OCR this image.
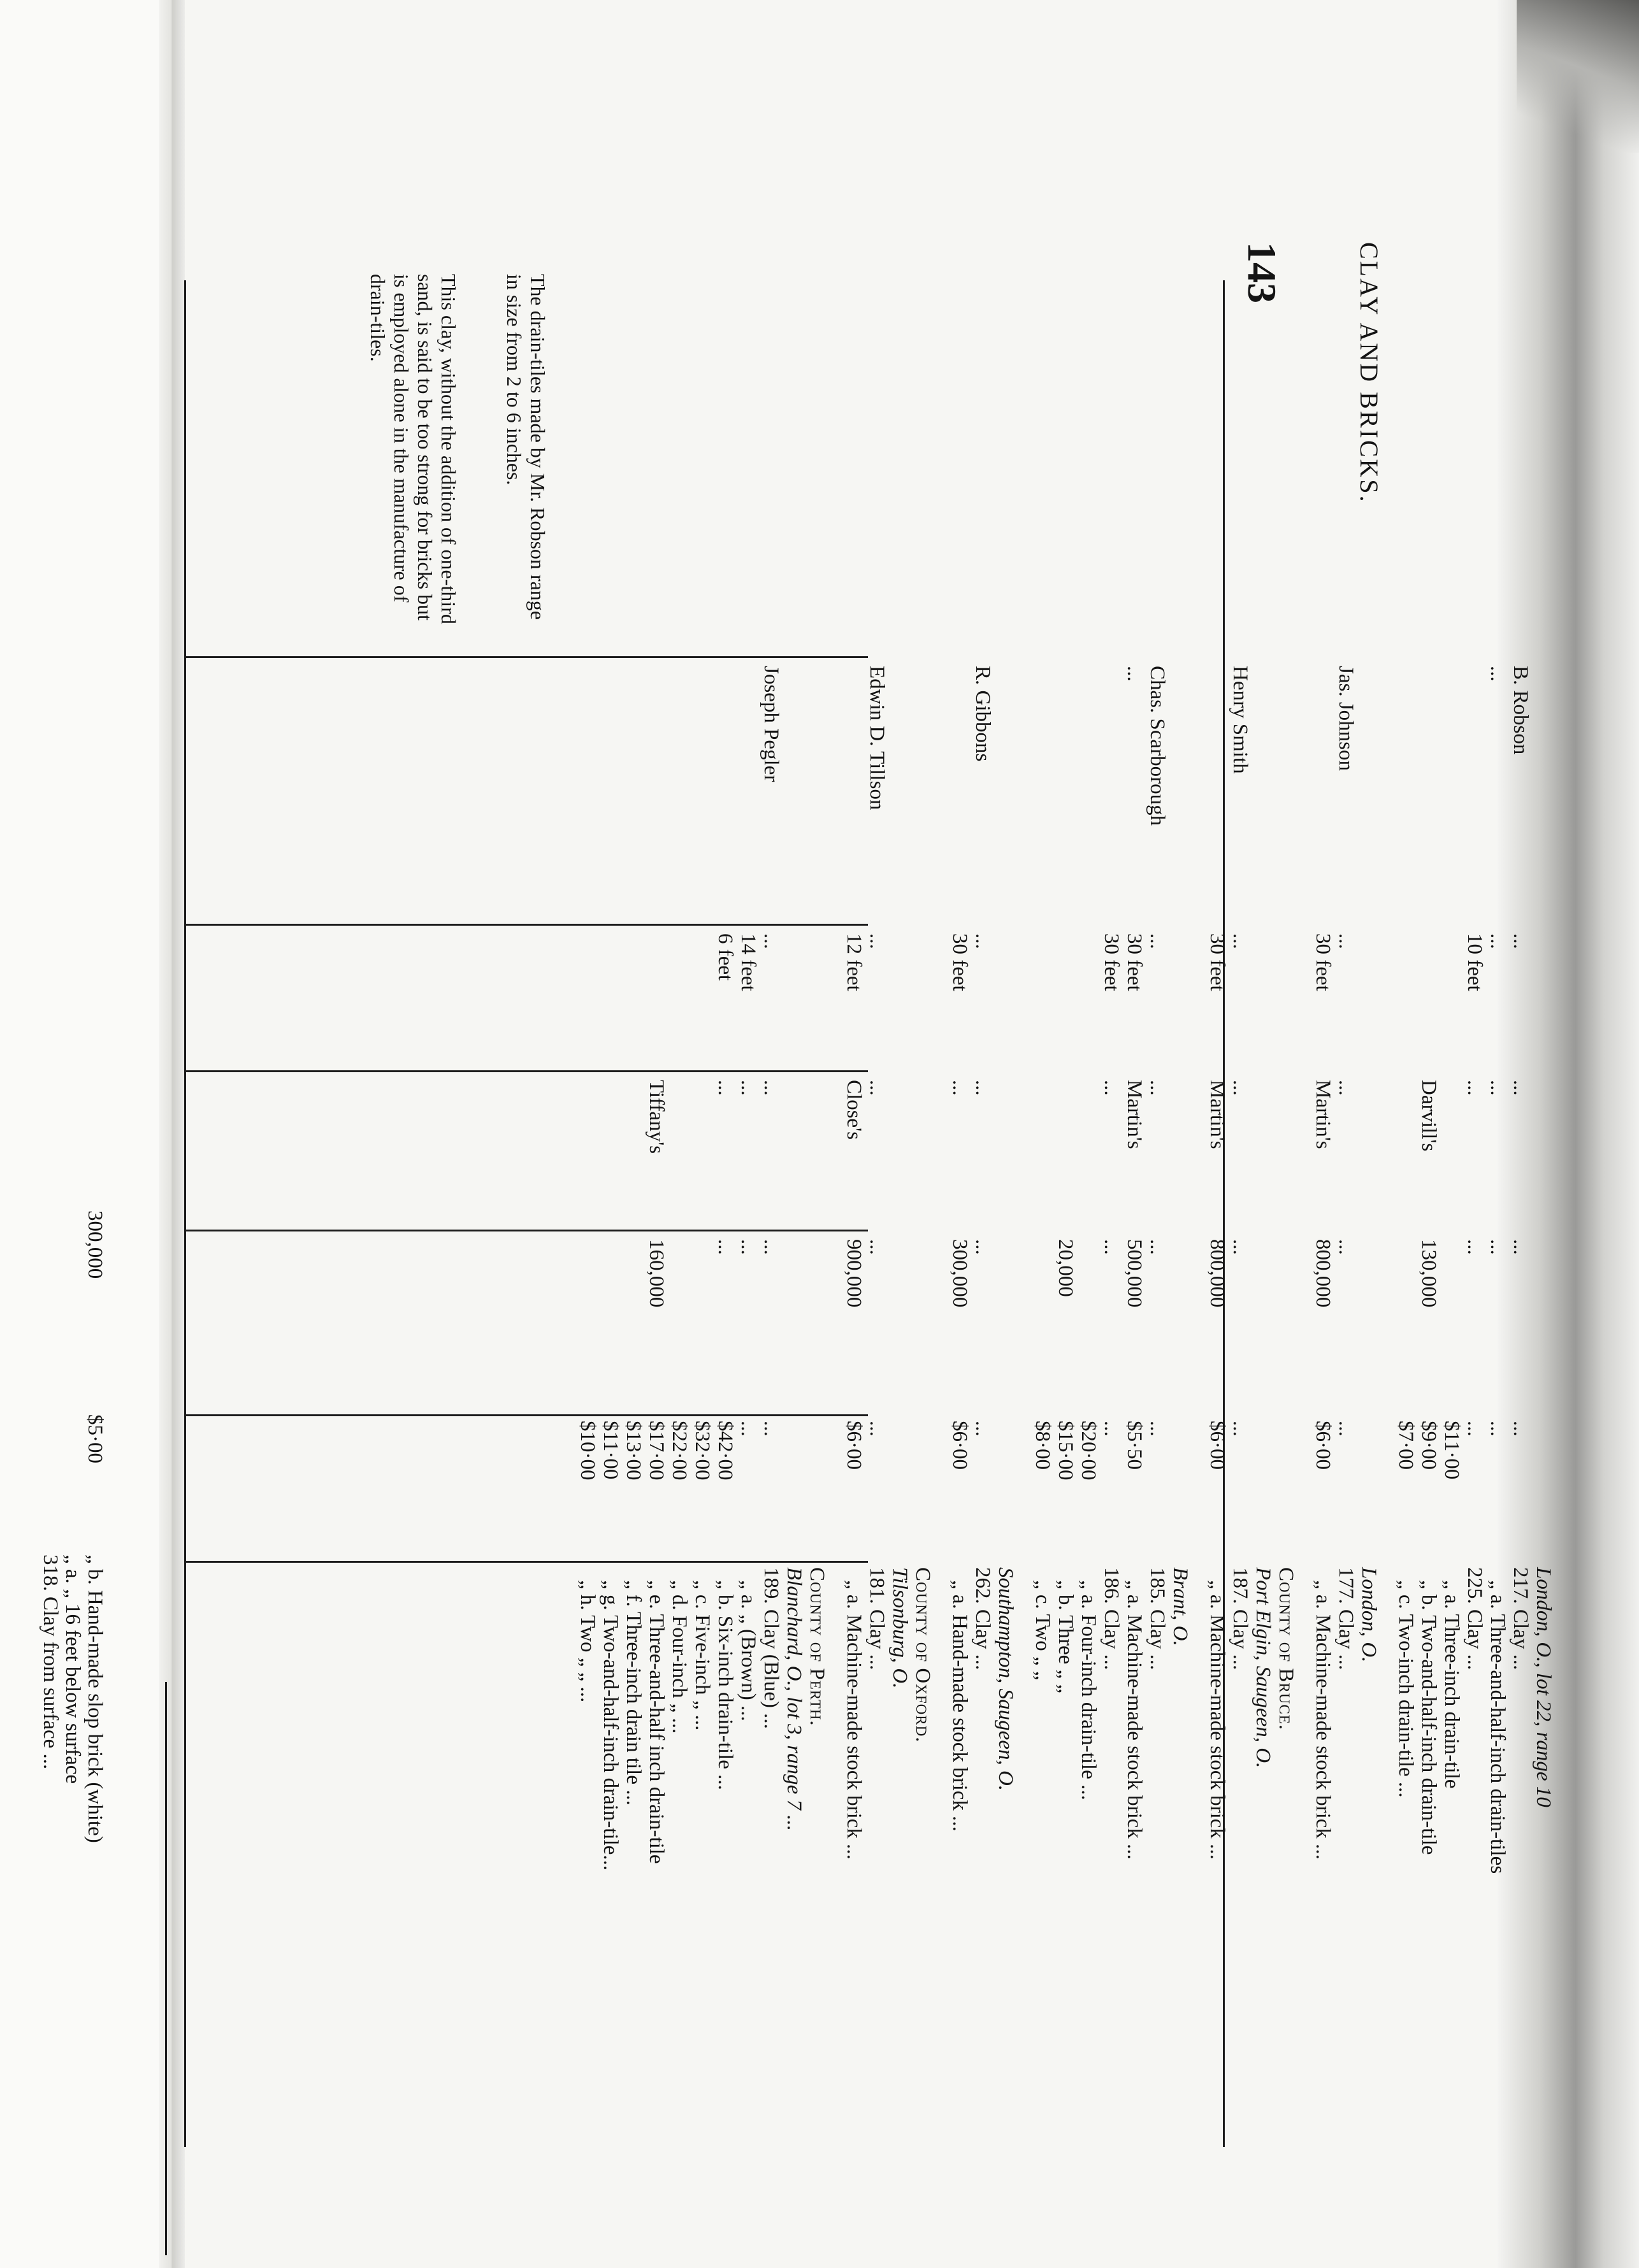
CLAY AND BRICKS.
143
318. Clay from surface ... „ a. „ 16 feet below surface „ b. Hand-made slop brick (white)
$5·00
300,000
The drain-tiles made by Mr. Robson range in size from 2 to 6 inches.
This clay, without the addition of one-third sand, is said to be too strong for bricks but is employed alone in the manufacture of drain-tiles.
London, O., lot 22, range 10
217. Clay ...
...
...
...
...
B. Robson
„ a. Three-and-half-inch drain-tiles
...
...
...
...
...
225. Clay ...
...
...
...
10 feet
„ a. Three-inch drain-tile
$11·00
„ b. Two-and-half-inch drain-tile
$9·00
130,000
Darvill's
„ c. Two-inch drain-tile ...
$7·00
London, O.
177. Clay ...
...
...
...
...
Jas. Johnson
„ a. Machine-made stock brick ...
$6·00
800,000
Martin's
30 feet
County of Bruce.
Port Elgin, Saugeen, O.
187. Clay ...
...
...
...
...
Henry Smith
„ a. Machine-made stock brick ...
$6·00
800,000
Martin's
30 feet
Brant, O.
185. Clay ...
...
...
...
...
Chas. Scarborough
„ a. Machine-made stock brick ...
$5·50
500,000
Martin's
30 feet
...
186. Clay ...
...
...
...
30 feet
„ a. Four-inch drain-tile ...
$20·00
„ b. Three „ „
$15·00
20,000
„ c. Two „ „
$8·00
Southampton, Saugeen, O.
262. Clay ...
...
...
...
...
R. Gibbons
„ a. Hand-made stock brick ...
$6·00
300,000
...
30 feet
County of Oxford.
Tilsonburg, O.
181. Clay ...
...
...
...
...
Edwin D. Tillson
„ a. Machine-made stock brick ...
$6·00
900,000
Close's
12 feet
County of Perth.
Blanchard, O., lot 3, range 7 ...
189. Clay (Blue) ...
...
...
...
...
Joseph Pegler
„ a. „ (Brown) ...
...
...
...
14 feet
„ b. Six-inch drain-tile ...
$42·00
...
...
6 feet
„ c. Five-inch „ ...
$32·00
„ d. Four-inch „ ...
$22·00
„ e. Three-and-half inch drain-tile
$17·00
160,000
Tiffany's
„ f. Three-inch drain tile ...
$13·00
„ g. Two-and-half-inch drain-tile...
$11·00
„ h. Two „ „ ...
$10·00
